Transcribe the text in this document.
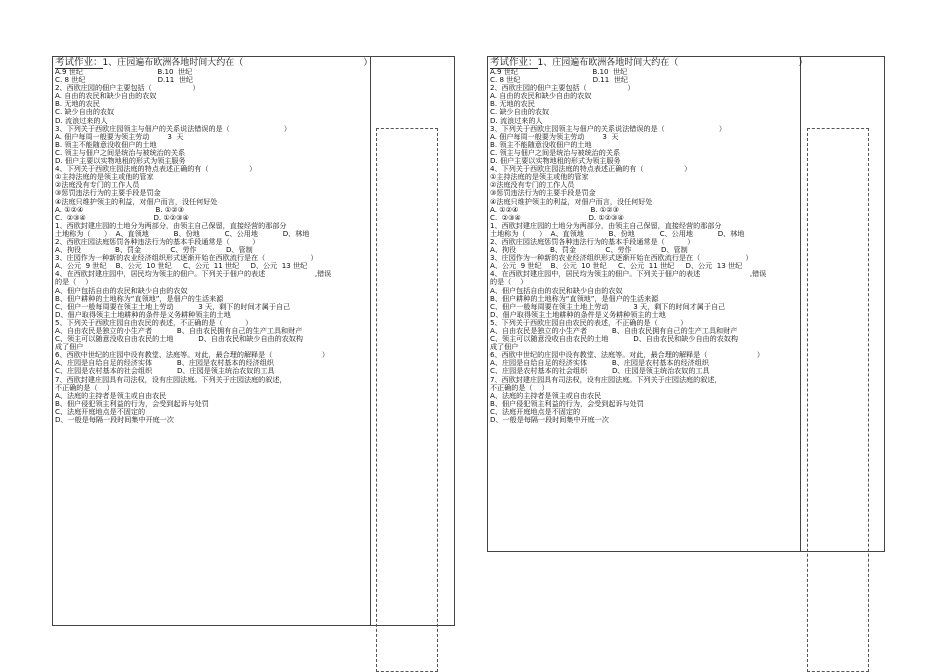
考试作业：1、庄园遍布欧洲各地时间大约在（                                          ）
A.9 世纪                                 B.10  世纪
C. 8 世纪                                D.11  世纪
2、西欧庄园的佃户主要包括（                  ）
A. 自由的农民和缺少自由的农奴
B. 无地的农民
C. 缺少自由的农奴
D. 流浪过来的人
3、下列关于西欧庄园领主与佃户的关系说法错误的是（                        ）
A. 佃户每周一般要为领主劳动        3  天
B. 领主不能随意没收佃户的土地
C. 领主与佃户之间是统治与被统治的关系
D. 佃户主要以实物地租的形式为领主服务
4、下列关于西欧庄园法庭的特点表述正确的有（                  ）
①主持法庭的是领主或他的管家
②法庭没有专门的工作人员
③惩罚违法行为的主要手段是罚金
④法庭只维护领主的利益，对佃户而言，没任何好处
A. ①②④                                B. ①②③
C.  ②③④                              D. ①②③④
1、西欧封建庄园的土地分为两部分，由领主自己保留，直接经营的那部分
土地称为（      ）  A、直领地           B、份地           C、公用地           D、林地
2、西欧庄园法庭惩罚各种违法行为的基本手段通常是（          ）
A、拘役               B、罚金             C、劳作             D、管制
3、庄园作为一种新的农业经济组织形式逐渐开始在西欧流行是在（                    ）
A、公元  9 世纪    B、公元  10 世纪     C、公元  11 世纪     D、公元  13 世纪
4、在西欧封建庄园中，居民均为领主的佃户。下列关于佃户的表述                      ,错误
的是（    ）
A、佃户包括自由的农民和缺少自由的农奴
B、佃户耕种的土地称为“直领地”，是佃户的生活来源
C、佃户一般每周要在领主土地上劳动           3 天，剩下的时间才属于自己
D、佃户取得领主土地耕种的条件是义务耕种领主的土地
5、下列关于西欧庄园自由农民的表述，不正确的是（          ）
A、自由农民是独立的小生产者           B、自由农民拥有自己的生产工具和财产
C、领主可以随意没收自由农民的土地           D、自由农民和缺少自由的农奴构
成了佃户
6、西欧中世纪的庄园中设有教堂、法庭等。对此，最合理的解释是（                      ）
A、庄园是自给自足的经济实体           B、庄园是农村基本的经济组织
C、庄园是农村基本的社会组织           D、庄园是领主统治农奴的工具
7、西欧封建庄园具有司法权，设有庄园法庭。下列关于庄园法庭的叙述，
不正确的是（    ）
A、法庭的主持者是领主或自由农民
B、佃户侵犯领主利益的行为，会受到起诉与处罚
C、法庭开庭地点是不固定的
D、一般是每隔一段时间集中开庭一次
考试作业：1、庄园遍布欧洲各地时间大约在（                                          ）
A.9 世纪                                 B.10  世纪
C. 8 世纪                                D.11  世纪
2、西欧庄园的佃户主要包括（                  ）
A. 自由的农民和缺少自由的农奴
B. 无地的农民
C. 缺少自由的农奴
D. 流浪过来的人
3、下列关于西欧庄园领主与佃户的关系说法错误的是（                        ）
A. 佃户每周一般要为领主劳动        3  天
B. 领主不能随意没收佃户的土地
C. 领主与佃户之间是统治与被统治的关系
D. 佃户主要以实物地租的形式为领主服务
4、下列关于西欧庄园法庭的特点表述正确的有（                  ）
①主持法庭的是领主或他的管家
②法庭没有专门的工作人员
③惩罚违法行为的主要手段是罚金
④法庭只维护领主的利益，对佃户而言，没任何好处
A. ①②④                                B. ①②③
C.  ②③④                              D. ①②③④
1、西欧封建庄园的土地分为两部分，由领主自己保留，直接经营的那部分
土地称为（      ）  A、直领地           B、份地           C、公用地           D、林地
2、西欧庄园法庭惩罚各种违法行为的基本手段通常是（          ）
A、拘役               B、罚金             C、劳作             D、管制
3、庄园作为一种新的农业经济组织形式逐渐开始在西欧流行是在（                    ）
A、公元  9 世纪    B、公元  10 世纪     C、公元  11 世纪     D、公元  13 世纪
4、在西欧封建庄园中，居民均为领主的佃户。下列关于佃户的表述                      ,错误
的是（    ）
A、佃户包括自由的农民和缺少自由的农奴
B、佃户耕种的土地称为“直领地”，是佃户的生活来源
C、佃户一般每周要在领主土地上劳动           3 天，剩下的时间才属于自己
D、佃户取得领主土地耕种的条件是义务耕种领主的土地
5、下列关于西欧庄园自由农民的表述，不正确的是（          ）
A、自由农民是独立的小生产者           B、自由农民拥有自己的生产工具和财产
C、领主可以随意没收自由农民的土地           D、自由农民和缺少自由的农奴构
成了佃户
6、西欧中世纪的庄园中设有教堂、法庭等。对此，最合理的解释是（                      ）
A、庄园是自给自足的经济实体           B、庄园是农村基本的经济组织
C、庄园是农村基本的社会组织           D、庄园是领主统治农奴的工具
7、西欧封建庄园具有司法权，设有庄园法庭。下列关于庄园法庭的叙述，
不正确的是（    ）
A、法庭的主持者是领主或自由农民
B、佃户侵犯领主利益的行为，会受到起诉与处罚
C、法庭开庭地点是不固定的
D、一般是每隔一段时间集中开庭一次
